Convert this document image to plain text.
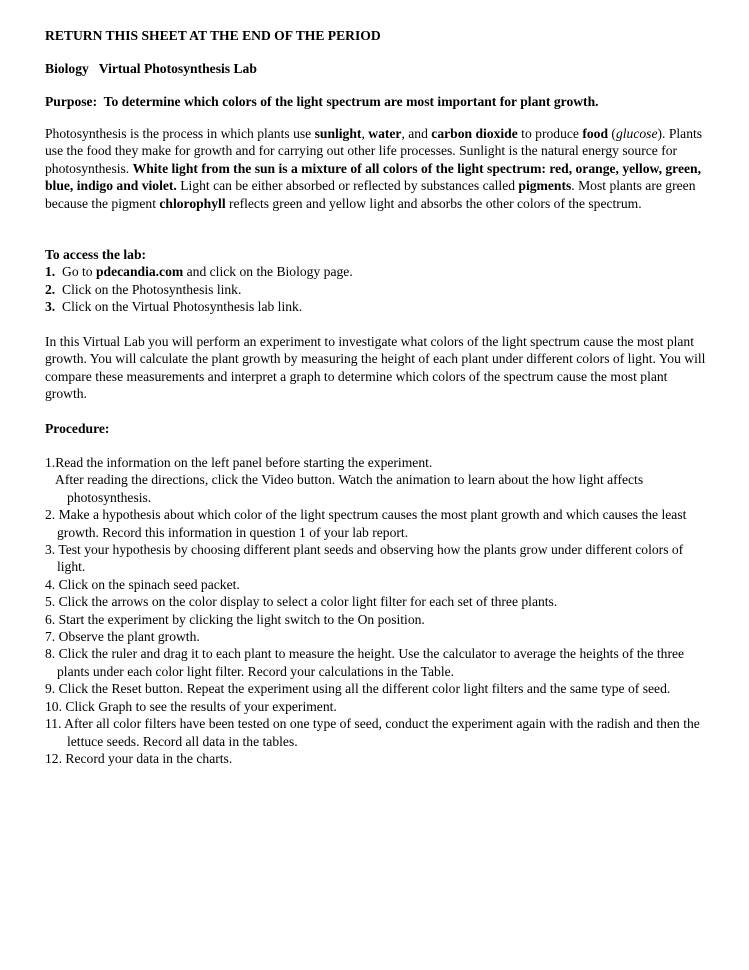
RETURN THIS SHEET AT THE END OF THE PERIOD

Biology Virtual Photosynthesis Lab

Purpose: To determine which colors of the light spectrum are most important for plant growth.

Photosynthesis is the process in which plants use sunlight, water, and carbon dioxide to produce food (glucose). Plants use the food they make for growth and for carrying out other life processes. Sunlight is the natural energy source for photosynthesis. White light from the sun is a mixture of all colors of the light spectrum: red, orange, yellow, green, blue, indigo and violet. Light can be either absorbed or reflected by substances called pigments. Most plants are green because the pigment chlorophyll reflects green and yellow light and absorbs the other colors of the spectrum.

To access the lab:

1. Go to pdecandia.com and click on the Biology page.

2. Click on the Photosynthesis link.

3. Click on the Virtual Photosynthesis lab link.

In this Virtual Lab you will perform an experiment to investigate what colors of the light spectrum cause the most plant growth. You will calculate the plant growth by measuring the height of each plant under different colors of light. You will compare these measurements and interpret a graph to determine which colors of the spectrum cause the most plant growth.

Procedure:

1.Read the information on the left panel before starting the experiment.

After reading the directions, click the Video button. Watch the animation to learn about the how light affects photosynthesis.

2. Make a hypothesis about which color of the light spectrum causes the most plant growth and which causes the least growth. Record this information in question 1 of your lab report.

3. Test your hypothesis by choosing different plant seeds and observing how the plants grow under different colors of light.

4. Click on the spinach seed packet.

5. Click the arrows on the color display to select a color light filter for each set of three plants.

6. Start the experiment by clicking the light switch to the On position.

7. Observe the plant growth.

8. Click the ruler and drag it to each plant to measure the height. Use the calculator to average the heights of the three plants under each color light filter. Record your calculations in the Table.

9. Click the Reset button. Repeat the experiment using all the different color light filters and the same type of seed.

10. Click Graph to see the results of your experiment.

11. After all color filters have been tested on one type of seed, conduct the experiment again with the radish and then the lettuce seeds. Record all data in the tables.

12. Record your data in the charts.
